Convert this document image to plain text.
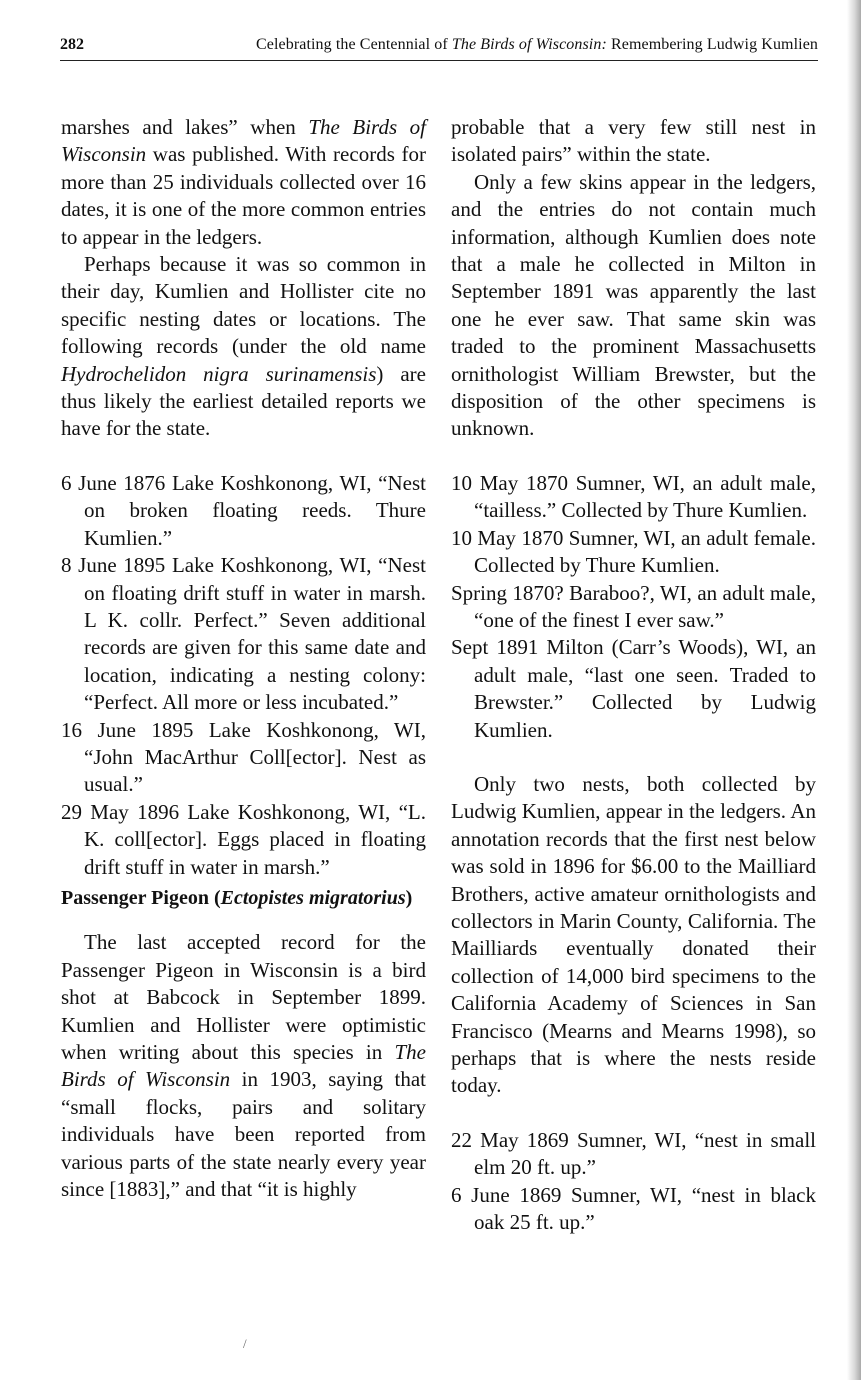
282	Celebrating the Centennial of The Birds of Wisconsin: Remembering Ludwig Kumlien

marshes and lakes” when The Birds of Wisconsin was published. With records for more than 25 individuals collected over 16 dates, it is one of the more common entries to appear in the ledgers.

Perhaps because it was so common in their day, Kumlien and Hollister cite no specific nesting dates or locations. The following records (under the old name Hydrochelidon nigra surinamensis) are thus likely the earliest detailed reports we have for the state.

6 June 1876 Lake Koshkonong, WI, “Nest on broken floating reeds. Thure Kumlien.”

8 June 1895 Lake Koshkonong, WI, “Nest on floating drift stuff in water in marsh. L K. collr. Perfect.” Seven additional records are given for this same date and location, indicating a nesting colony: “Perfect. All more or less incubated.”

16 June 1895 Lake Koshkonong, WI, “John MacArthur Coll[ector]. Nest as usual.”

29 May 1896 Lake Koshkonong, WI, “L. K. coll[ector]. Eggs placed in floating drift stuff in water in marsh.”

Passenger Pigeon (Ectopistes migratorius)

The last accepted record for the Passenger Pigeon in Wisconsin is a bird shot at Babcock in September 1899. Kumlien and Hollister were optimistic when writing about this species in The Birds of Wisconsin in 1903, saying that “small flocks, pairs and solitary individuals have been reported from various parts of the state nearly every year since [1883],” and that “it is highly

probable that a very few still nest in isolated pairs” within the state.

Only a few skins appear in the ledgers, and the entries do not contain much information, although Kumlien does note that a male he collected in Milton in September 1891 was apparently the last one he ever saw. That same skin was traded to the prominent Massachusetts ornithologist William Brewster, but the disposition of the other specimens is unknown.

10 May 1870 Sumner, WI, an adult male, “tailless.” Collected by Thure Kumlien.

10 May 1870 Sumner, WI, an adult female. Collected by Thure Kumlien.

Spring 1870? Baraboo?, WI, an adult male, “one of the finest I ever saw.”

Sept 1891 Milton (Carr’s Woods), WI, an adult male, “last one seen. Traded to Brewster.” Collected by Ludwig Kumlien.

Only two nests, both collected by Ludwig Kumlien, appear in the ledgers. An annotation records that the first nest below was sold in 1896 for $6.00 to the Mailliard Brothers, active amateur ornithologists and collectors in Marin County, California. The Mailliards eventually donated their collection of 14,000 bird specimens to the California Academy of Sciences in San Francisco (Mearns and Mearns 1998), so perhaps that is where the nests reside today.

22 May 1869 Sumner, WI, “nest in small elm 20 ft. up.”

6 June 1869 Sumner, WI, “nest in black oak 25 ft. up.”

/
